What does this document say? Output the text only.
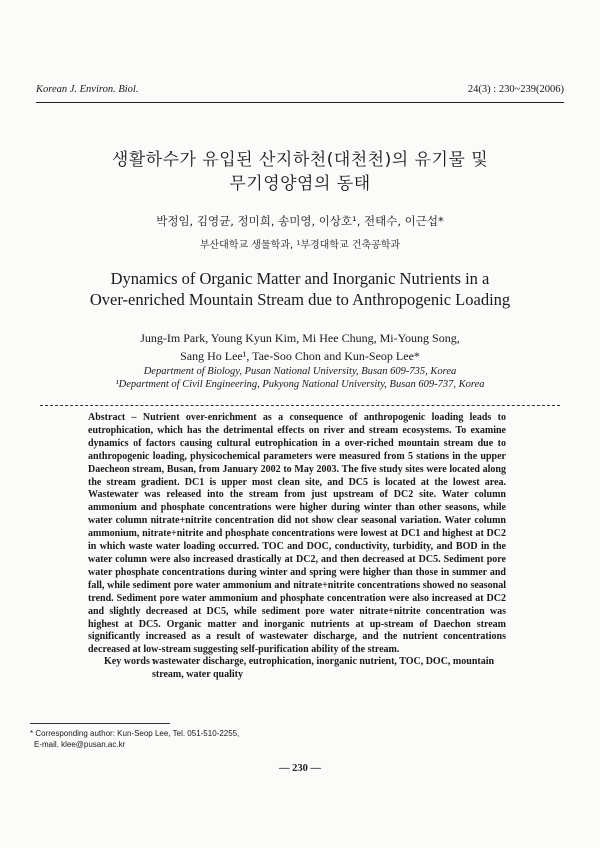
Korean J. Environ. Biol.	24(3) : 230~239(2006)
생활하수가 유입된 산지하천(대천천)의 유기물 및
무기영양염의 동태
박정임, 김영균, 정미희, 송미영, 이상호¹, 전태수, 이근섭*
부산대학교 생물학과, ¹부경대학교 건축공학과
Dynamics of Organic Matter and Inorganic Nutrients in a
Over-enriched Mountain Stream due to Anthropogenic Loading
Jung-Im Park, Young Kyun Kim, Mi Hee Chung, Mi-Young Song,
Sang Ho Lee¹, Tae-Soo Chon and Kun-Seop Lee*
Department of Biology, Pusan National University, Busan 609-735, Korea
¹Department of Civil Engineering, Pukyong National University, Busan 609-737, Korea
Abstract – Nutrient over-enrichment as a consequence of anthropogenic loading leads to eutrophication, which has the detrimental effects on river and stream ecosystems. To examine dynamics of factors causing cultural eutrophication in a over-riched mountain stream due to anthropogenic loading, physicochemical parameters were measured from 5 stations in the upper Daecheon stream, Busan, from January 2002 to May 2003. The five study sites were located along the stream gradient. DC1 is upper most clean site, and DC5 is located at the lowest area. Wastewater was released into the stream from just upstream of DC2 site. Water column ammonium and phosphate concentrations were higher during winter than other seasons, while water column nitrate+nitrite concentration did not show clear seasonal variation. Water column ammonium, nitrate+nitrite and phosphate concentrations were lowest at DC1 and highest at DC2 in which waste water loading occurred. TOC and DOC, conductivity, turbidity, and BOD in the water column were also increased drastically at DC2, and then decreased at DC5. Sediment pore water phosphate concentrations during winter and spring were higher than those in summer and fall, while sediment pore water ammonium and nitrate+nitrite concentrations showed no seasonal trend. Sediment pore water ammonium and phosphate concentration were also increased at DC2 and slightly decreased at DC5, while sediment pore water nitrate+nitrite concentration was highest at DC5. Organic matter and inorganic nutrients at up-stream of Daechon stream significantly increased as a result of wastewater discharge, and the nutrient concentrations decreased at low-stream suggesting self-purification ability of the stream.
Key words :
wastewater discharge, eutrophication, inorganic nutrient, TOC, DOC, mountain stream, water quality
* Corresponding author: Kun-Seop Lee, Tel. 051-510-2255,
E-mail. klee@pusan.ac.kr
— 230 —
